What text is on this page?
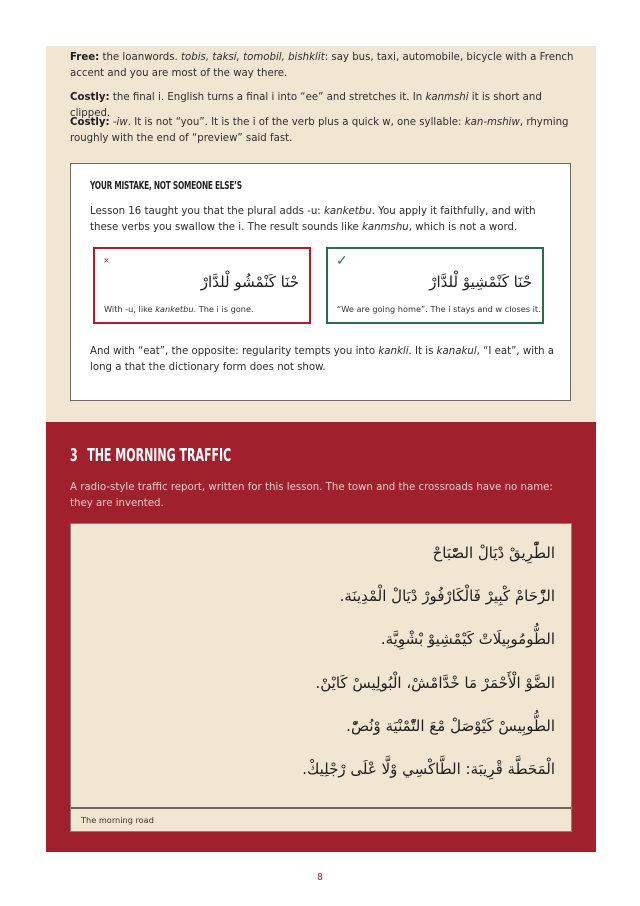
Free: the loanwords. tobis, taksi, tomobil, bishklit: say bus, taxi, automobile, bicycle with a French accent and you are most of the way there.

Costly: the final i. English turns a final i into “ee” and stretches it. In kanmshi it is short and clipped.

Costly: -iw. It is not “you”. It is the i of the verb plus a quick w, one syllable: kan-mshiw, rhyming roughly with the end of “preview” said fast.

YOUR MISTAKE, NOT SOMEONE ELSE’S

Lesson 16 taught you that the plural adds -u: kanketbu. You apply it faithfully, and with these verbs you swallow the i. The result sounds like kanmshu, which is not a word.

×
حْنَا كَنْمْشُو لْلدَّارْ
With -u, like kanketbu. The i is gone.
✓
حْنَا كَنْمْشِيوْ لْلدَّارْ
“We are going home”. The i stays and w closes it.

And with “eat”, the opposite: regularity tempts you into kankli. It is kanakul, “I eat”, with a long a that the dictionary form does not show.

3 THE MORNING TRAFFIC

A radio-style traffic report, written for this lesson. The town and the crossroads have no name: they are invented.

الطّْرِيقْ دْيَالْ الصّْبَاحْ
الزّْحَامْ كْبِيرْ فَالْكَارْفُورْ دْيَالْ الْمْدِينَة.
الطُّومُوبِيلَاتْ كَيْمْشِيوْ بْشْوِيَّة.
الضَّوْ الْأَحْمَرْ مَا خْدَّامْشْ، الْبُولِيسْ كَايْنْ.
الطُّوبِيسْ كَيْوْصَلْ مْعَ التّْمْنْيَة وْنُصّْ.
الْمَحَطَّة قْرِيبَة: الطَّاكْسِي وْلَّا عْلَى رْجْلِيكْ.
The morning road
8
